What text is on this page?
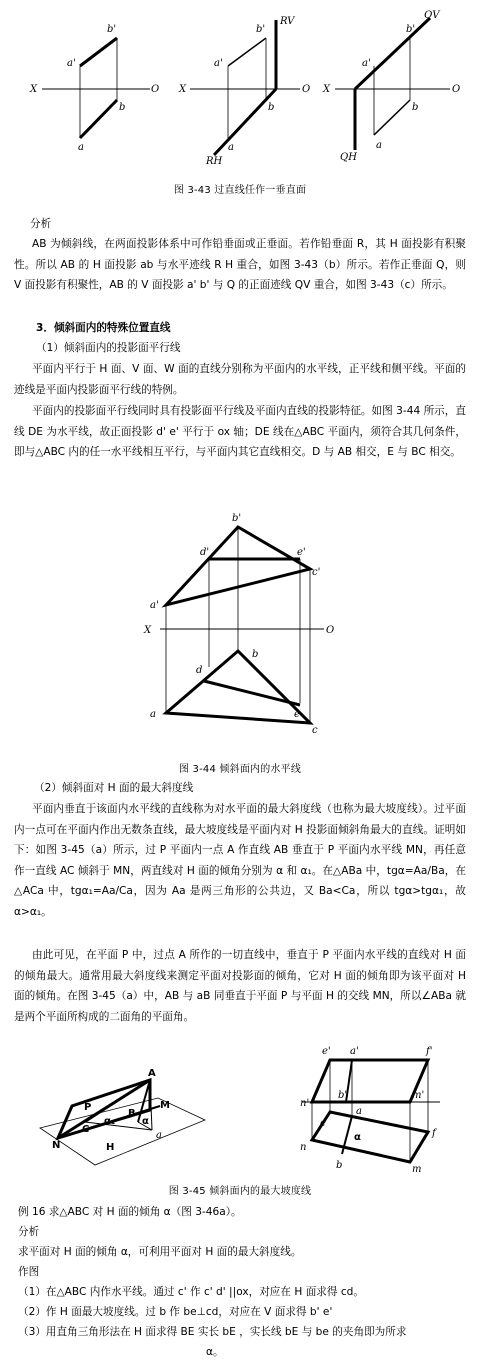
a'
b'
X	O
a
b
a'
b'
X	O
a
b
RV
RH
a'
b'
X	O
a
b
QV
QH
图 3-43 过直线任作一垂直面
分析

AB 为倾斜线，在两面投影体系中可作铅垂面或正垂面。若作铅垂面 R，其 H 面投影有积聚性。所以 AB 的 H 面投影 ab 与水平迹线 R H 重合，如图 3-43（b）所示。若作正垂面 Q，则 V 面投影有积聚性，AB 的 V 面投影 a' b' 与 Q 的正面迹线 QV 重合，如图 3-43（c）所示。

3．倾斜面内的特殊位置直线
（1）倾斜面内的投影面平行线

平面内平行于 H 面、V 面、W 面的直线分别称为平面内的水平线，正平线和侧平线。平面的迹线是平面内投影面平行线的特例。

平面内的投影面平行线同时具有投影面平行线及平面内直线的投影特征。如图 3-44 所示，直线 DE 为水平线，故正面投影 d' e' 平行于 ox 轴；DE 线在△ABC 平面内，须符合其几何条件，即与△ABC 内的任一水平线相互平行，与平面内其它直线相交。D 与 AB 相交，E 与 BC 相交。

b'
d'	e'
c'
a'
X	O
b
d
a	e
c
图 3-44 倾斜面内的水平线
（2）倾斜面对 H 面的最大斜度线

平面内垂直于该面内水平线的直线称为对水平面的最大斜度线（也称为最大坡度线）。过平面内一点可在平面内作出无数条直线，最大坡度线是平面内对 H 投影面倾斜角最大的直线。证明如下：如图 3-45（a）所示，过 P 平面内一点 A 作直线 AB 垂直于 P 平面内水平线 MN，再任意作一直线 AC 倾斜于 MN，两直线对 H 面的倾角分别为 α 和 α₁。在△ABa 中，tgα=Aa/Ba，在△ACa 中，tgα₁=Aa/Ca，因为 Aa 是两三角形的公共边，又 Ba<Ca，所以 tgα>tgα₁，故 α>α₁。

由此可见，在平面 P 中，过点 A 所作的一切直线中，垂直于 P 平面内水平线的直线对 H 面的倾角最大。通常用最大斜度线来测定平面对投影面的倾角，它对 H 面的倾角即为该平面对 H 面的倾角。在图 3-45（a）中，AB 与 aB 同垂直于平面 P 与平面 H 的交线 MN，所以∠ABa 就是两个平面所构成的二面角的平面角。

A
P
B
M
C
α₁	α
a
N	H
e' a'	f'
n'
b'	m'
a
e
α	f
n
b	m
图 3-45 倾斜面内的最大坡度线
例 16 求△ABC 对 H 面的倾角 α（图 3-46a）。
分析
求平面对 H 面的倾角 α，可利用平面对 H 面的最大斜度线。
作图
（1）在△ABC 内作水平线。通过 c' 作 c' d' ||ox，对应在 H 面求得 cd。
（2）作 H 面最大坡度线。过 b 作 be⊥cd，对应在 V 面求得 b' e'
（3）用直角三角形法在 H 面求得 BE 实长 bE ，实长线 bE 与 be 的夹角即为所求
α。
